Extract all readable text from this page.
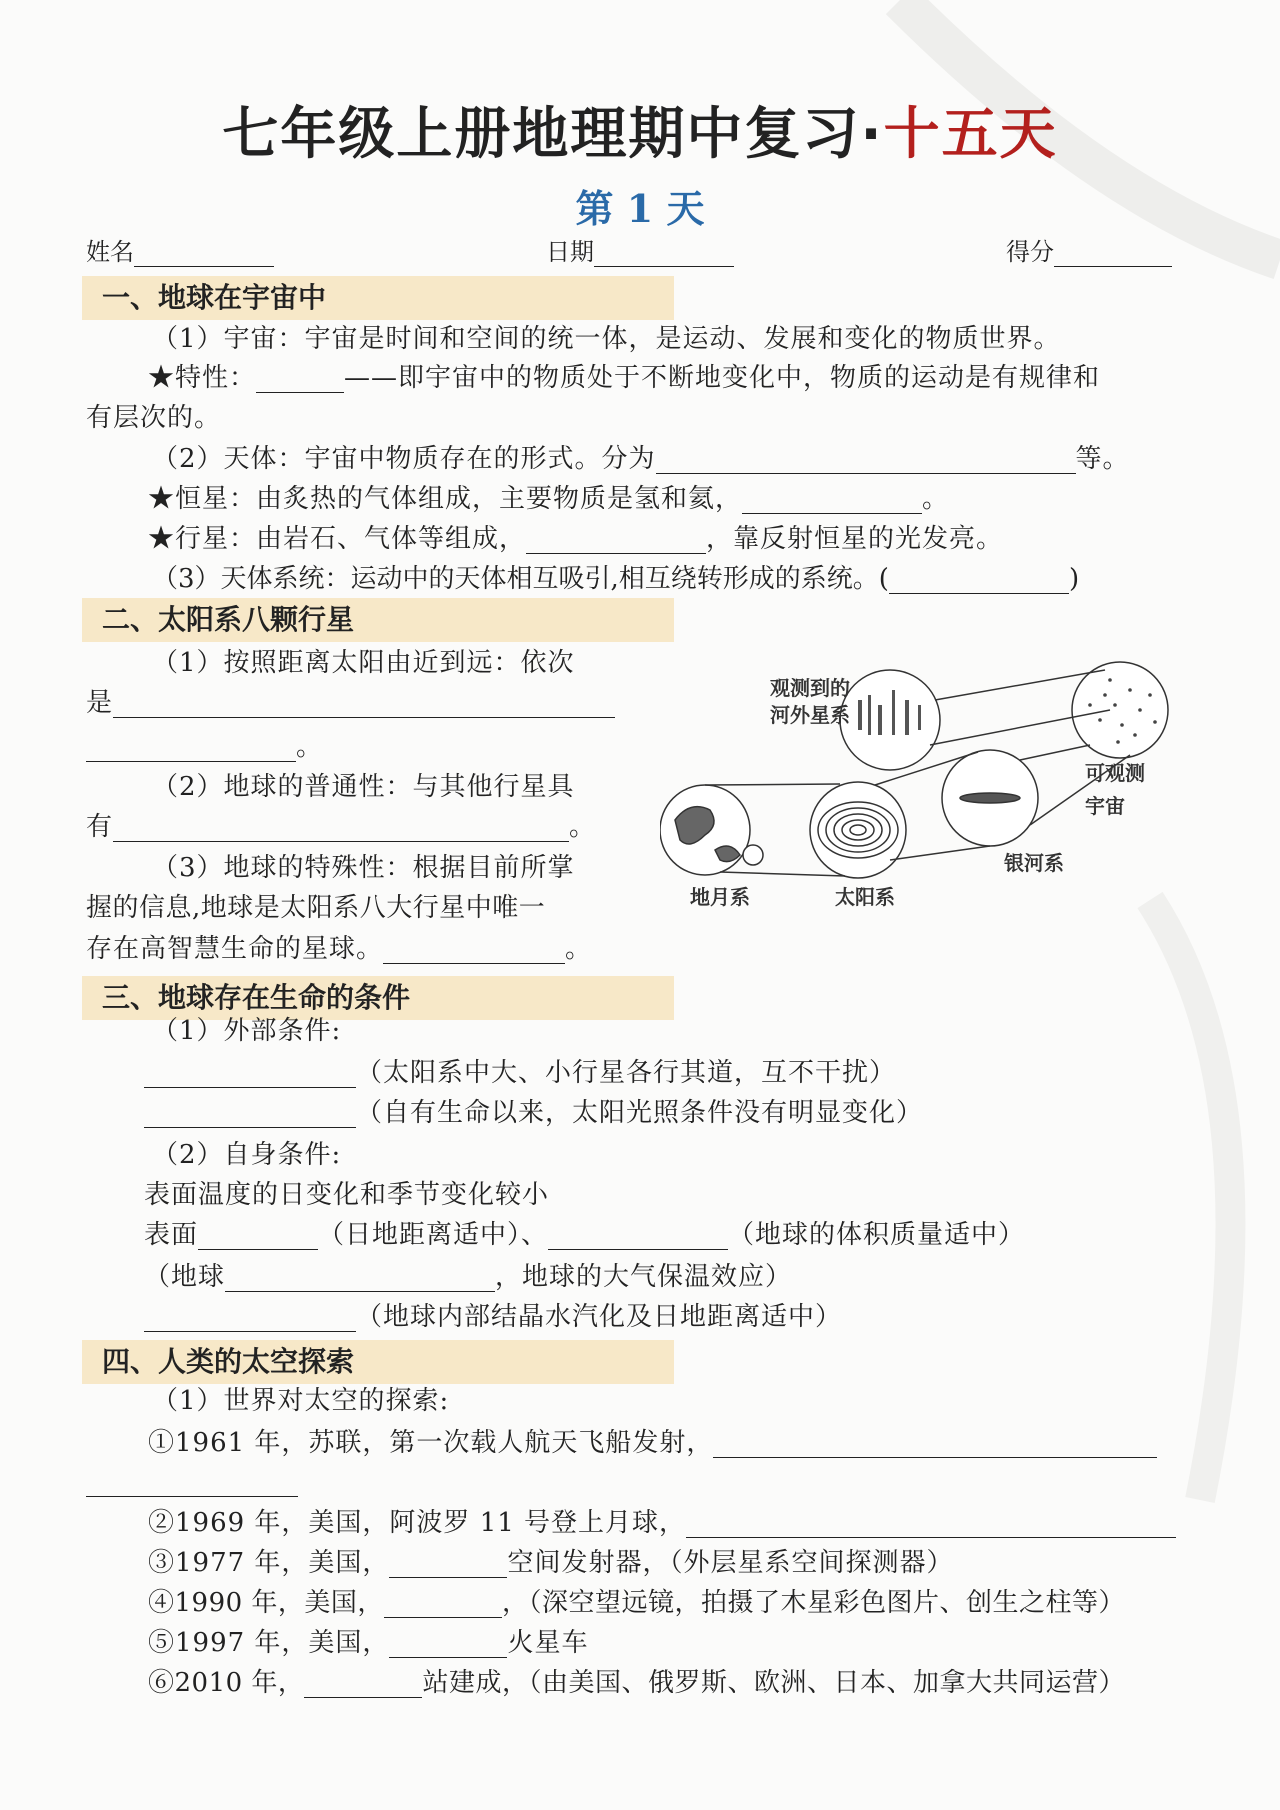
七年级上册地理期中复习·十五天
第 1 天
姓名	日期	得分
一、地球在宇宙中
（1）宇宙：宇宙是时间和空间的统一体，是运动、发展和变化的物质世界。
★特性：	——即宇宙中的物质处于不断地变化中，物质的运动是有规律和
有层次的。
（2）天体：宇宙中物质存在的形式。分为	等。
★恒星：由炙热的气体组成，主要物质是氢和氦，	。
★行星：由岩石、气体等组成，	，靠反射恒星的光发亮。
（3）天体系统：运动中的天体相互吸引,相互绕转形成的系统。(	)
二、太阳系八颗行星
（1）按照距离太阳由近到远：依次
是
。
（2）地球的普通性：与其他行星具
有	。
（3）地球的特殊性：根据目前所掌
握的信息,地球是太阳系八大行星中唯一
存在高智慧生命的星球。	。
观测到的
河外星系
可观测
宇宙
银河系
太阳系
地月系
三、地球存在生命的条件
（1）外部条件:
（太阳系中大、小行星各行其道，互不干扰）
（自有生命以来，太阳光照条件没有明显变化）
（2）自身条件:
表面温度的日变化和季节变化较小
表面	（日地距离适中）、	（地球的体积质量适中）
（地球	，地球的大气保温效应）
（地球内部结晶水汽化及日地距离适中）
四、人类的太空探索
（1）世界对太空的探索:
①1961 年，苏联，第一次载人航天飞船发射，
②1969 年，美国，阿波罗 11 号登上月球，
③1977 年，美国，	空间发射器，（外层星系空间探测器）
④1990 年，美国，	，（深空望远镜，拍摄了木星彩色图片、创生之柱等）
⑤1997 年，美国，	火星车
⑥2010 年，	站建成，（由美国、俄罗斯、欧洲、日本、加拿大共同运营）
